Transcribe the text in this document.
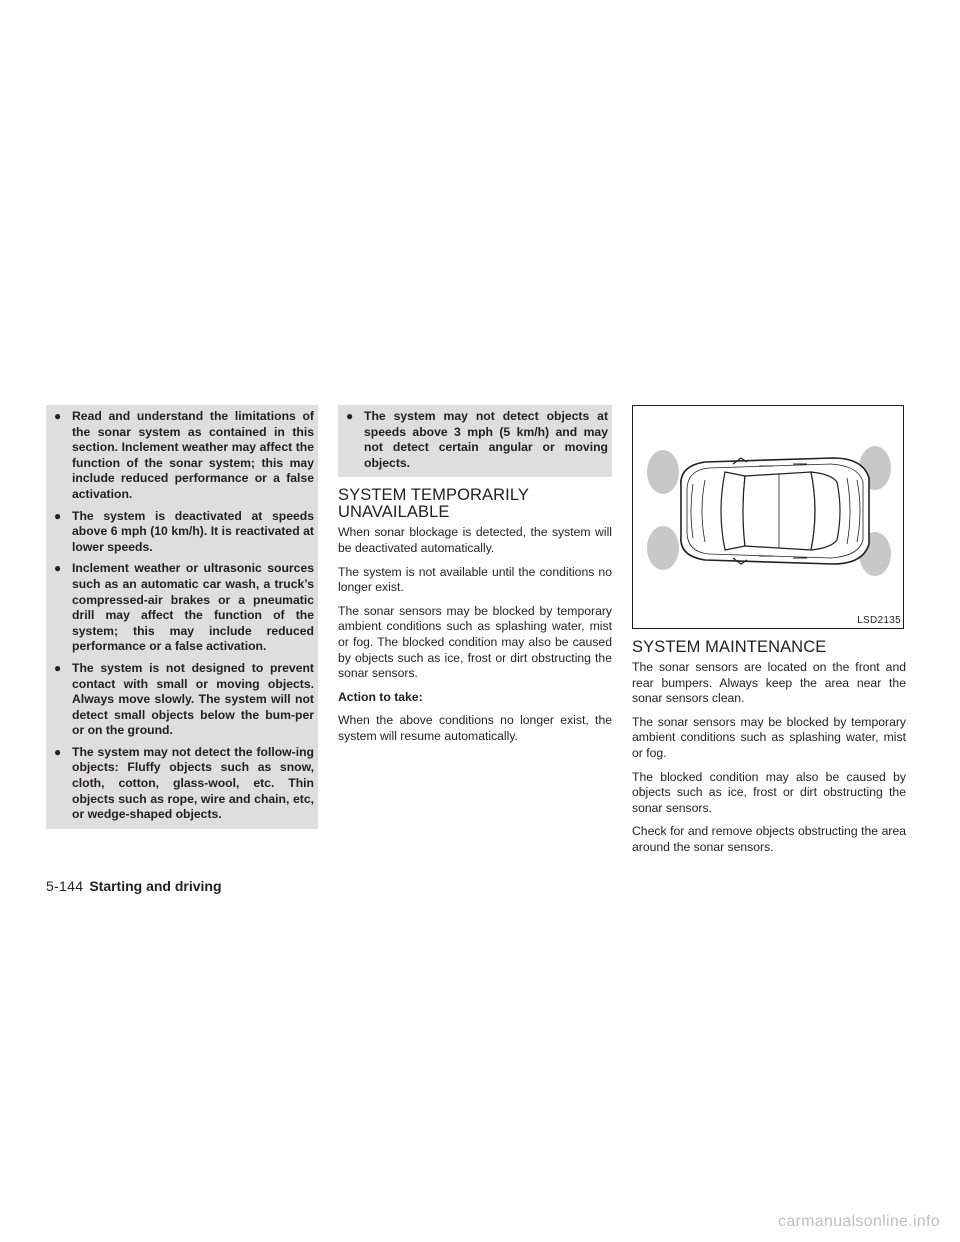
● Read and understand the limitations of the sonar system as contained in this section. Inclement weather may affect the function of the sonar system; this may include reduced performance or a false activation.
● The system is deactivated at speeds above 6 mph (10 km/h). It is reactivated at lower speeds.
● Inclement weather or ultrasonic sources such as an automatic car wash, a truck’s compressed-air brakes or a pneumatic drill may affect the function of the system; this may include reduced performance or a false activation.
● The system is not designed to prevent contact with small or moving objects. Always move slowly. The system will not detect small objects below the bum-per or on the ground.
● The system may not detect the follow-ing objects: Fluffy objects such as snow, cloth, cotton, glass-wool, etc. Thin objects such as rope, wire and chain, etc, or wedge-shaped objects.
● The system may not detect objects at speeds above 3 mph (5 km/h) and may not detect certain angular or moving objects.
SYSTEM TEMPORARILY
UNAVAILABLE

When sonar blockage is detected, the system will be deactivated automatically.

The system is not available until the conditions no longer exist.

The sonar sensors may be blocked by temporary ambient conditions such as splashing water, mist or fog. The blocked condition may also be caused by objects such as ice, frost or dirt obstructing the sonar sensors.

Action to take:

When the above conditions no longer exist, the system will resume automatically.

LSD2135
SYSTEM MAINTENANCE

The sonar sensors are located on the front and rear bumpers. Always keep the area near the sonar sensors clean.

The sonar sensors may be blocked by temporary ambient conditions such as splashing water, mist or fog.

The blocked condition may also be caused by objects such as ice, frost or dirt obstructing the sonar sensors.

Check for and remove objects obstructing the area around the sonar sensors.

5-144 Starting and driving
carmanualsonline.info
